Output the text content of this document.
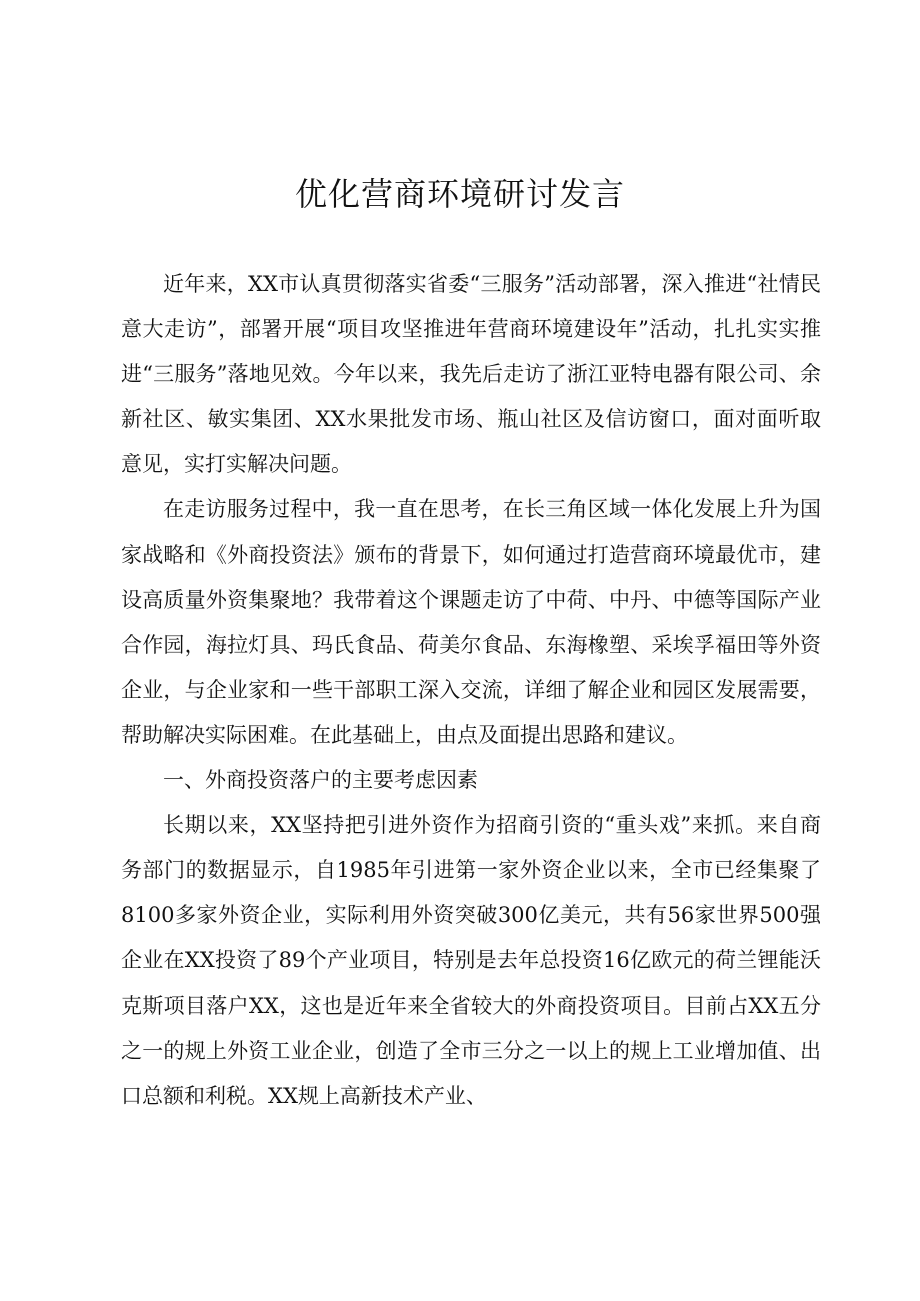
优化营商环境研讨发言

近年来，XX市认真贯彻落实省委“三服务”活动部署，深入推进“社情民意大走访”，部署开展“项目攻坚推进年营商环境建设年”活动，扎扎实实推进“三服务”落地见效。今年以来，我先后走访了浙江亚特电器有限公司、余新社区、敏实集团、XX水果批发市场、瓶山社区及信访窗口，面对面听取意见，实打实解决问题。

在走访服务过程中，我一直在思考，在长三角区域一体化发展上升为国家战略和《外商投资法》颁布的背景下，如何通过打造营商环境最优市，建设高质量外资集聚地？我带着这个课题走访了中荷、中丹、中德等国际产业合作园，海拉灯具、玛氏食品、荷美尔食品、东海橡塑、采埃孚福田等外资企业，与企业家和一些干部职工深入交流，详细了解企业和园区发展需要，帮助解决实际困难。在此基础上，由点及面提出思路和建议。

一、外商投资落户的主要考虑因素

长期以来，XX坚持把引进外资作为招商引资的“重头戏”来抓。来自商务部门的数据显示，自1985年引进第一家外资企业以来，全市已经集聚了8100多家外资企业，实际利用外资突破300亿美元，共有56家世界500强企业在XX投资了89个产业项目，特别是去年总投资16亿欧元的荷兰锂能沃克斯项目落户XX，这也是近年来全省较大的外商投资项目。目前占XX五分之一的规上外资工业企业，创造了全市三分之一以上的规上工业增加值、出口总额和利税。XX规上高新技术产业、
